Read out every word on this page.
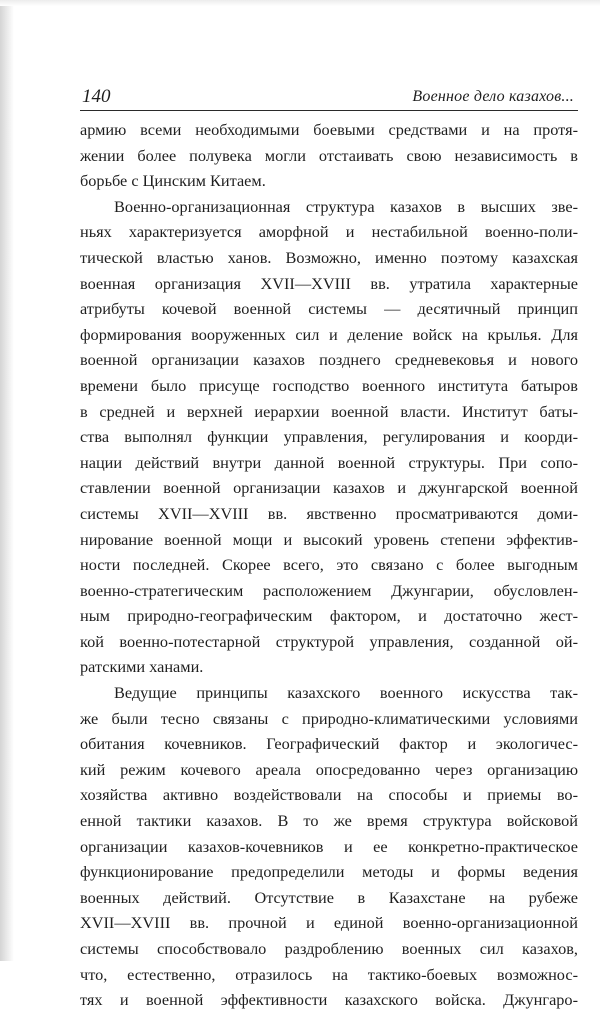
140	Военное дело казахов...

армию всеми необходимыми боевыми средствами и на протя-

жении более полувека могли отстаивать свою независимость в

борьбе с Цинским Китаем.

Военно-организационная структура казахов в высших зве-

ньях характеризуется аморфной и нестабильной военно-поли-

тической властью ханов. Возможно, именно поэтому казахская

военная организация XVII—XVIII вв. утратила характерные

атрибуты кочевой военной системы — десятичный принцип

формирования вооруженных сил и деление войск на крылья. Для

военной организации казахов позднего средневековья и нового

времени было присуще господство военного института батыров

в средней и верхней иерархии военной власти. Институт баты-

ства выполнял функции управления, регулирования и коорди-

нации действий внутри данной военной структуры. При сопо-

ставлении военной организации казахов и джунгарской военной

системы XVII—XVIII вв. явственно просматриваются доми-

нирование военной мощи и высокий уровень степени эффектив-

ности последней. Скорее всего, это связано с более выгодным

военно-стратегическим расположением Джунгарии, обусловлен-

ным природно-географическим фактором, и достаточно жест-

кой военно-потестарной структурой управления, созданной ой-

ратскими ханами.

Ведущие принципы казахского военного искусства так-

же были тесно связаны с природно-климатическими условиями

обитания кочевников. Географический фактор и экологичес-

кий режим кочевого ареала опосредованно через организацию

хозяйства активно воздействовали на способы и приемы во-

енной тактики казахов. В то же время структура войсковой

организации казахов-кочевников и ее конкретно-практическое

функционирование предопределили методы и формы ведения

военных действий. Отсутствие в Казахстане на рубеже

XVII—XVIII вв. прочной и единой военно-организационной

системы способствовало раздроблению военных сил казахов,

что, естественно, отразилось на тактико-боевых возможнос-

тях и военной эффективности казахского войска. Джунгаро-
